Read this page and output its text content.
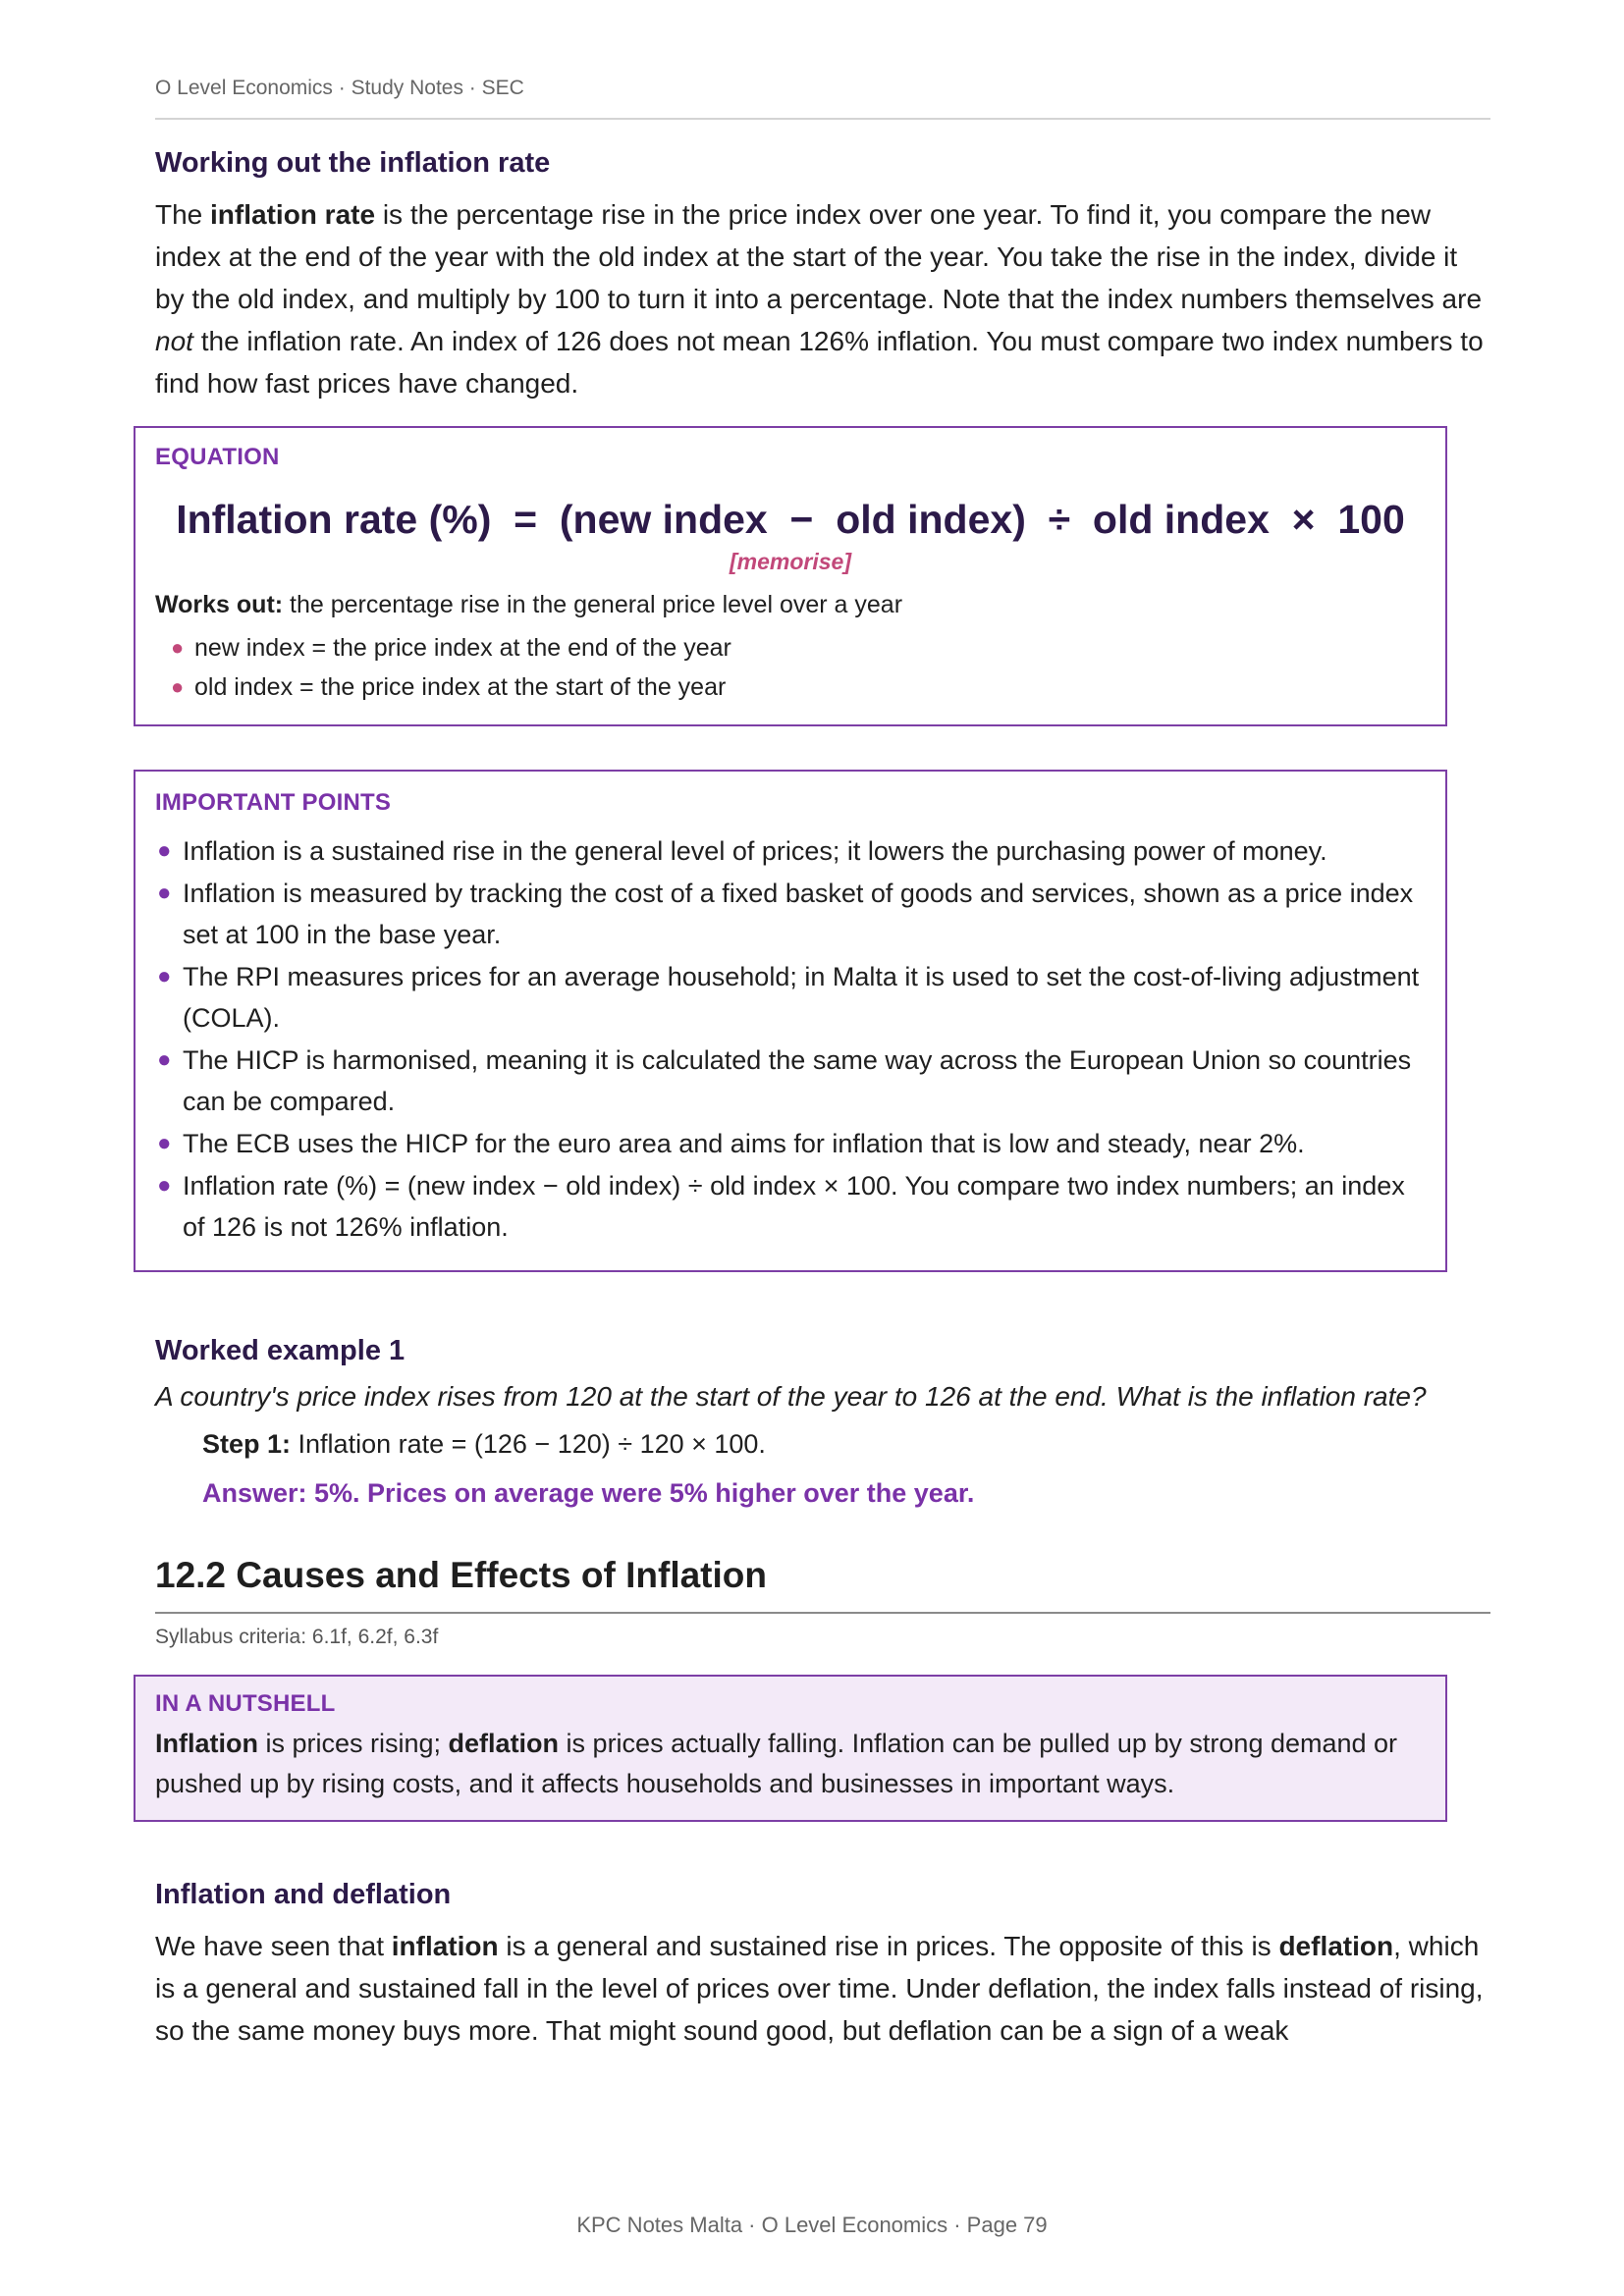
O Level Economics · Study Notes · SEC
Working out the inflation rate

The inflation rate is the percentage rise in the price index over one year. To find it, you compare the new index at the end of the year with the old index at the start of the year. You take the rise in the index, divide it by the old index, and multiply by 100 to turn it into a percentage. Note that the index numbers themselves are not the inflation rate. An index of 126 does not mean 126% inflation. You must compare two index numbers to find how fast prices have changed.

EQUATION

Inflation rate (%)  =  (new index  −  old index)  ÷  old index  ×  100

[memorise]

Works out: the percentage rise in the general price level over a year

● new index = the price index at the end of the year
● old index = the price index at the start of the year

IMPORTANT POINTS

● Inflation is a sustained rise in the general level of prices; it lowers the purchasing power of money.
● Inflation is measured by tracking the cost of a fixed basket of goods and services, shown as a price index set at 100 in the base year.
● The RPI measures prices for an average household; in Malta it is used to set the cost-of-living adjustment (COLA).
● The HICP is harmonised, meaning it is calculated the same way across the European Union so countries can be compared.
● The ECB uses the HICP for the euro area and aims for inflation that is low and steady, near 2%.
● Inflation rate (%) = (new index − old index) ÷ old index × 100. You compare two index numbers; an index of 126 is not 126% inflation.
Worked example 1

A country's price index rises from 120 at the start of the year to 126 at the end. What is the inflation rate?

Step 1: Inflation rate = (126 − 120) ÷ 120 × 100.

Answer: 5%. Prices on average were 5% higher over the year.

12.2 Causes and Effects of Inflation

Syllabus criteria: 6.1f, 6.2f, 6.3f

IN A NUTSHELL

Inflation is prices rising; deflation is prices actually falling. Inflation can be pulled up by strong demand or pushed up by rising costs, and it affects households and businesses in important ways.

Inflation and deflation

We have seen that inflation is a general and sustained rise in prices. The opposite of this is deflation, which is a general and sustained fall in the level of prices over time. Under deflation, the index falls instead of rising, so the same money buys more. That might sound good, but deflation can be a sign of a weak

KPC Notes Malta · O Level Economics · Page 79
